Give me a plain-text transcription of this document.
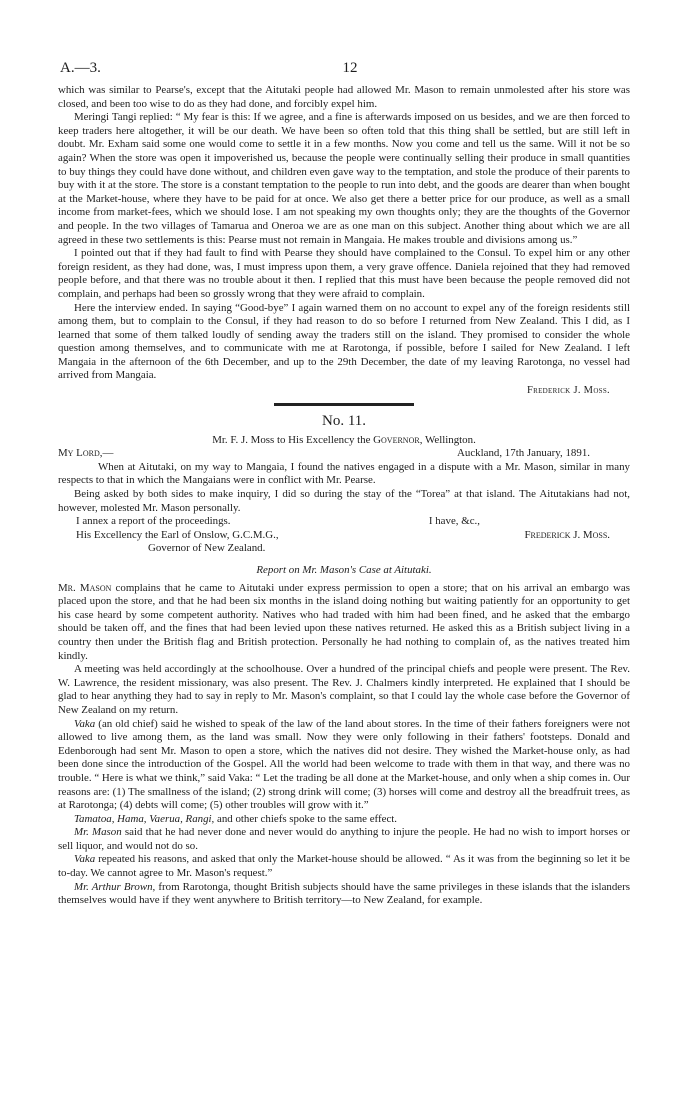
A.—3.	12

which was similar to Pearse's, except that the Aitutaki people had allowed Mr. Mason to remain unmolested after his store was closed, and been too wise to do as they had done, and forcibly expel him.

Meringi Tangi replied: “ My fear is this: If we agree, and a fine is afterwards imposed on us besides, and we are then forced to keep traders here altogether, it will be our death. We have been so often told that this thing shall be settled, but are still left in doubt. Mr. Exham said some one would come to settle it in a few months. Now you come and tell us the same. Will it not be so again? When the store was open it impoverished us, because the people were continually selling their produce in small quantities to buy things they could have done without, and children even gave way to the temptation, and stole the produce of their parents to buy with it at the store. The store is a constant temptation to the people to run into debt, and the goods are dearer than when bought at the Market-house, where they have to be paid for at once. We also get there a better price for our produce, as well as a small income from market-fees, which we should lose. I am not speaking my own thoughts only; they are the thoughts of the Governor and people. In the two villages of Tamarua and Oneroa we are as one man on this subject. Another thing about which we are all agreed in these two settlements is this: Pearse must not remain in Mangaia. He makes trouble and divisions among us.”

I pointed out that if they had fault to find with Pearse they should have complained to the Consul. To expel him or any other foreign resident, as they had done, was, I must impress upon them, a very grave offence. Daniela rejoined that they had removed people before, and that there was no trouble about it then. I replied that this must have been because the people removed did not complain, and perhaps had been so grossly wrong that they were afraid to complain.

Here the interview ended. In saying “Good-bye” I again warned them on no account to expel any of the foreign residents still among them, but to complain to the Consul, if they had reason to do so before I returned from New Zealand. This I did, as I learned that some of them talked loudly of sending away the traders still on the island. They promised to consider the whole question among themselves, and to communicate with me at Rarotonga, if possible, before I sailed for New Zealand. I left Mangaia in the afternoon of the 6th December, and up to the 29th December, the date of my leaving Rarotonga, no vessel had arrived from Mangaia.

Frederick J. Moss.

No. 11.

Mr. F. J. Moss to His Excellency the Governor, Wellington.

My Lord,—	Auckland, 17th January, 1891.

When at Aitutaki, on my way to Mangaia, I found the natives engaged in a dispute with a Mr. Mason, similar in many respects to that in which the Mangaians were in conflict with Mr. Pearse.

Being asked by both sides to make inquiry, I did so during the stay of the “Torea” at that island. The Aitutakians had not, however, molested Mr. Mason personally.

I annex a report of the proceedings.	I have, &c.,
His Excellency the Earl of Onslow, G.C.M.G.,	Frederick J. Moss.

Governor of New Zealand.

Report on Mr. Mason's Case at Aitutaki.

Mr. Mason complains that he came to Aitutaki under express permission to open a store; that on his arrival an embargo was placed upon the store, and that he had been six months in the island doing nothing but waiting patiently for an opportunity to get his case heard by some competent authority. Natives who had traded with him had been fined, and he asked that the embargo should be taken off, and the fines that had been levied upon these natives returned. He asked this as a British subject living in a country then under the British flag and British protection. Personally he had nothing to complain of, as the natives treated him kindly.

A meeting was held accordingly at the schoolhouse. Over a hundred of the principal chiefs and people were present. The Rev. W. Lawrence, the resident missionary, was also present. The Rev. J. Chalmers kindly interpreted. He explained that I should be glad to hear anything they had to say in reply to Mr. Mason's complaint, so that I could lay the whole case before the Governor of New Zealand on my return.

Vaka (an old chief) said he wished to speak of the law of the land about stores. In the time of their fathers foreigners were not allowed to live among them, as the land was small. Now they were only following in their fathers' footsteps. Donald and Edenborough had sent Mr. Mason to open a store, which the natives did not desire. They wished the Market-house only, as had been done since the introduction of the Gospel. All the world had been welcome to trade with them in that way, and there was no trouble. “ Here is what we think,” said Vaka: “ Let the trading be all done at the Market-house, and only when a ship comes in. Our reasons are: (1) The smallness of the island; (2) strong drink will come; (3) horses will come and destroy all the breadfruit trees, as at Rarotonga; (4) debts will come; (5) other troubles will grow with it.”

Tamatoa, Hama, Vaerua, Rangi, and other chiefs spoke to the same effect.

Mr. Mason said that he had never done and never would do anything to injure the people. He had no wish to import horses or sell liquor, and would not do so.

Vaka repeated his reasons, and asked that only the Market-house should be allowed. “ As it was from the beginning so let it be to-day. We cannot agree to Mr. Mason's request.”

Mr. Arthur Brown, from Rarotonga, thought British subjects should have the same privileges in these islands that the islanders themselves would have if they went anywhere to British territory—to New Zealand, for example.
